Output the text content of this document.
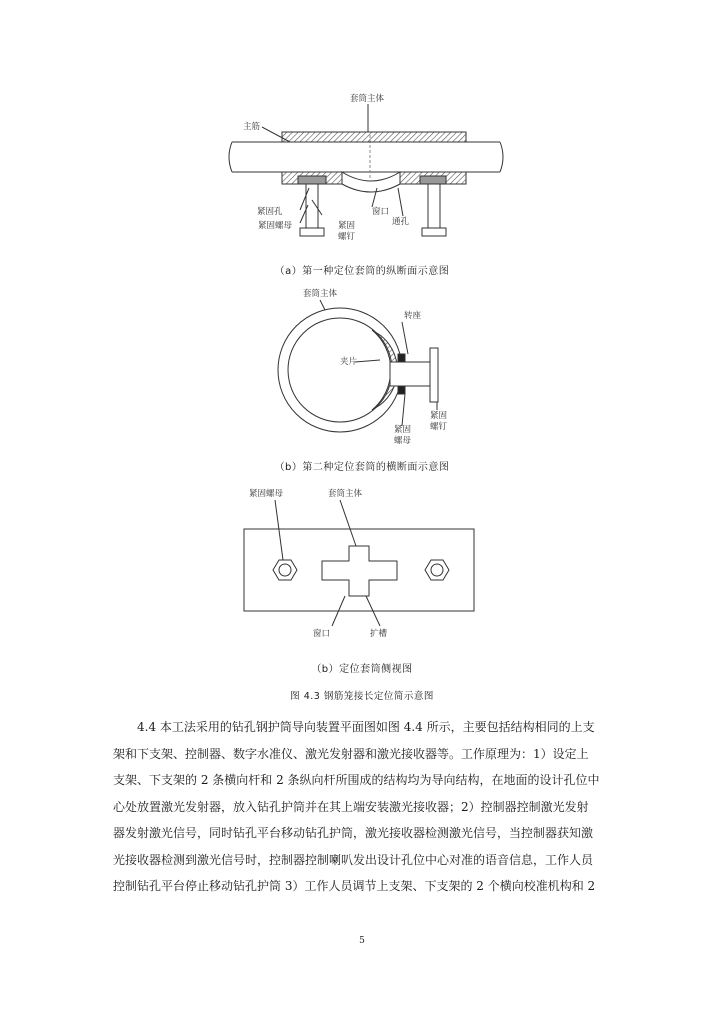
套筒主体
主筋
紧固孔
紧固螺母
窗口
通孔
紧固
螺钉
套筒主体
转座
夹片
紧固
螺母
紧固
螺钉
紧固螺母	套筒主体
窗口	扩槽
（a）第一种定位套筒的纵断面示意图
（b）第二种定位套筒的横断面示意图
（b）定位套筒侧视图
图 4.3 钢筋笼接长定位简示意图
4.4 本工法采用的钻孔钢护筒导向装置平面图如图 4.4 所示，主要包括结构相同的上支
架和下支架、控制器、数字水准仪、激光发射器和激光接收器等。工作原理为：1）设定上
支架、下支架的 2 条横向杆和 2 条纵向杆所围成的结构均为导向结构，在地面的设计孔位中
心处放置激光发射器，放入钻孔护筒并在其上端安装激光接收器；2）控制器控制激光发射
器发射激光信号，同时钻孔平台移动钻孔护筒，激光接收器检测激光信号，当控制器获知激
光接收器检测到激光信号时，控制器控制喇叭发出设计孔位中心对准的语音信息，工作人员
控制钻孔平台停止移动钻孔护筒 3）工作人员调节上支架、下支架的 2 个横向校准机构和 2
5
